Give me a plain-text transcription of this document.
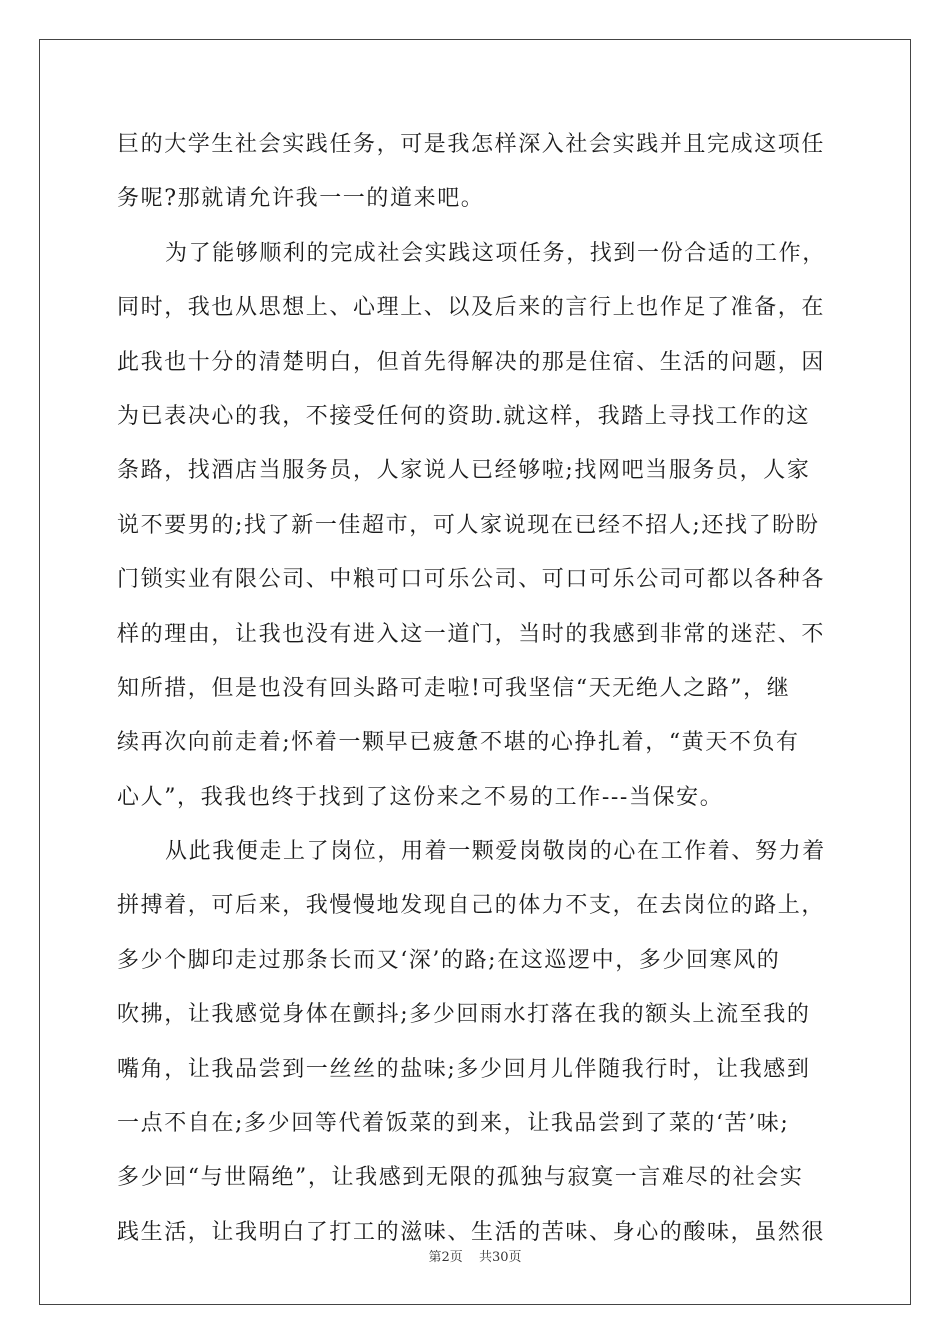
巨的大学生社会实践任务，可是我怎样深入社会实践并且完成这项任
务呢?那就请允许我一一的道来吧。
为了能够顺利的完成社会实践这项任务，找到一份合适的工作，
同时，我也从思想上、心理上、以及后来的言行上也作足了准备，在
此我也十分的清楚明白，但首先得解决的那是住宿、生活的问题，因
为已表决心的我，不接受任何的资助.就这样，我踏上寻找工作的这
条路，找酒店当服务员，人家说人已经够啦;找网吧当服务员，人家
说不要男的;找了新一佳超市，可人家说现在已经不招人;还找了盼盼
门锁实业有限公司、中粮可口可乐公司、可口可乐公司可都以各种各
样的理由，让我也没有进入这一道门，当时的我感到非常的迷茫、不
知所措，但是也没有回头路可走啦!可我坚信“天无绝人之路”，继
续再次向前走着;怀着一颗早已疲惫不堪的心挣扎着，“黄天不负有
心人”，我我也终于找到了这份来之不易的工作---当保安。
从此我便走上了岗位，用着一颗爱岗敬岗的心在工作着、努力着
拼搏着，可后来，我慢慢地发现自己的体力不支，在去岗位的路上，
多少个脚印走过那条长而又‘深’的路;在这巡逻中，多少回寒风的
吹拂，让我感觉身体在颤抖;多少回雨水打落在我的额头上流至我的
嘴角，让我品尝到一丝丝的盐味;多少回月儿伴随我行时，让我感到
一点不自在;多少回等代着饭菜的到来，让我品尝到了菜的‘苦’味;
多少回“与世隔绝”，让我感到无限的孤独与寂寞一言难尽的社会实
践生活，让我明白了打工的滋味、生活的苦味、身心的酸味，虽然很
第2页 共30页
